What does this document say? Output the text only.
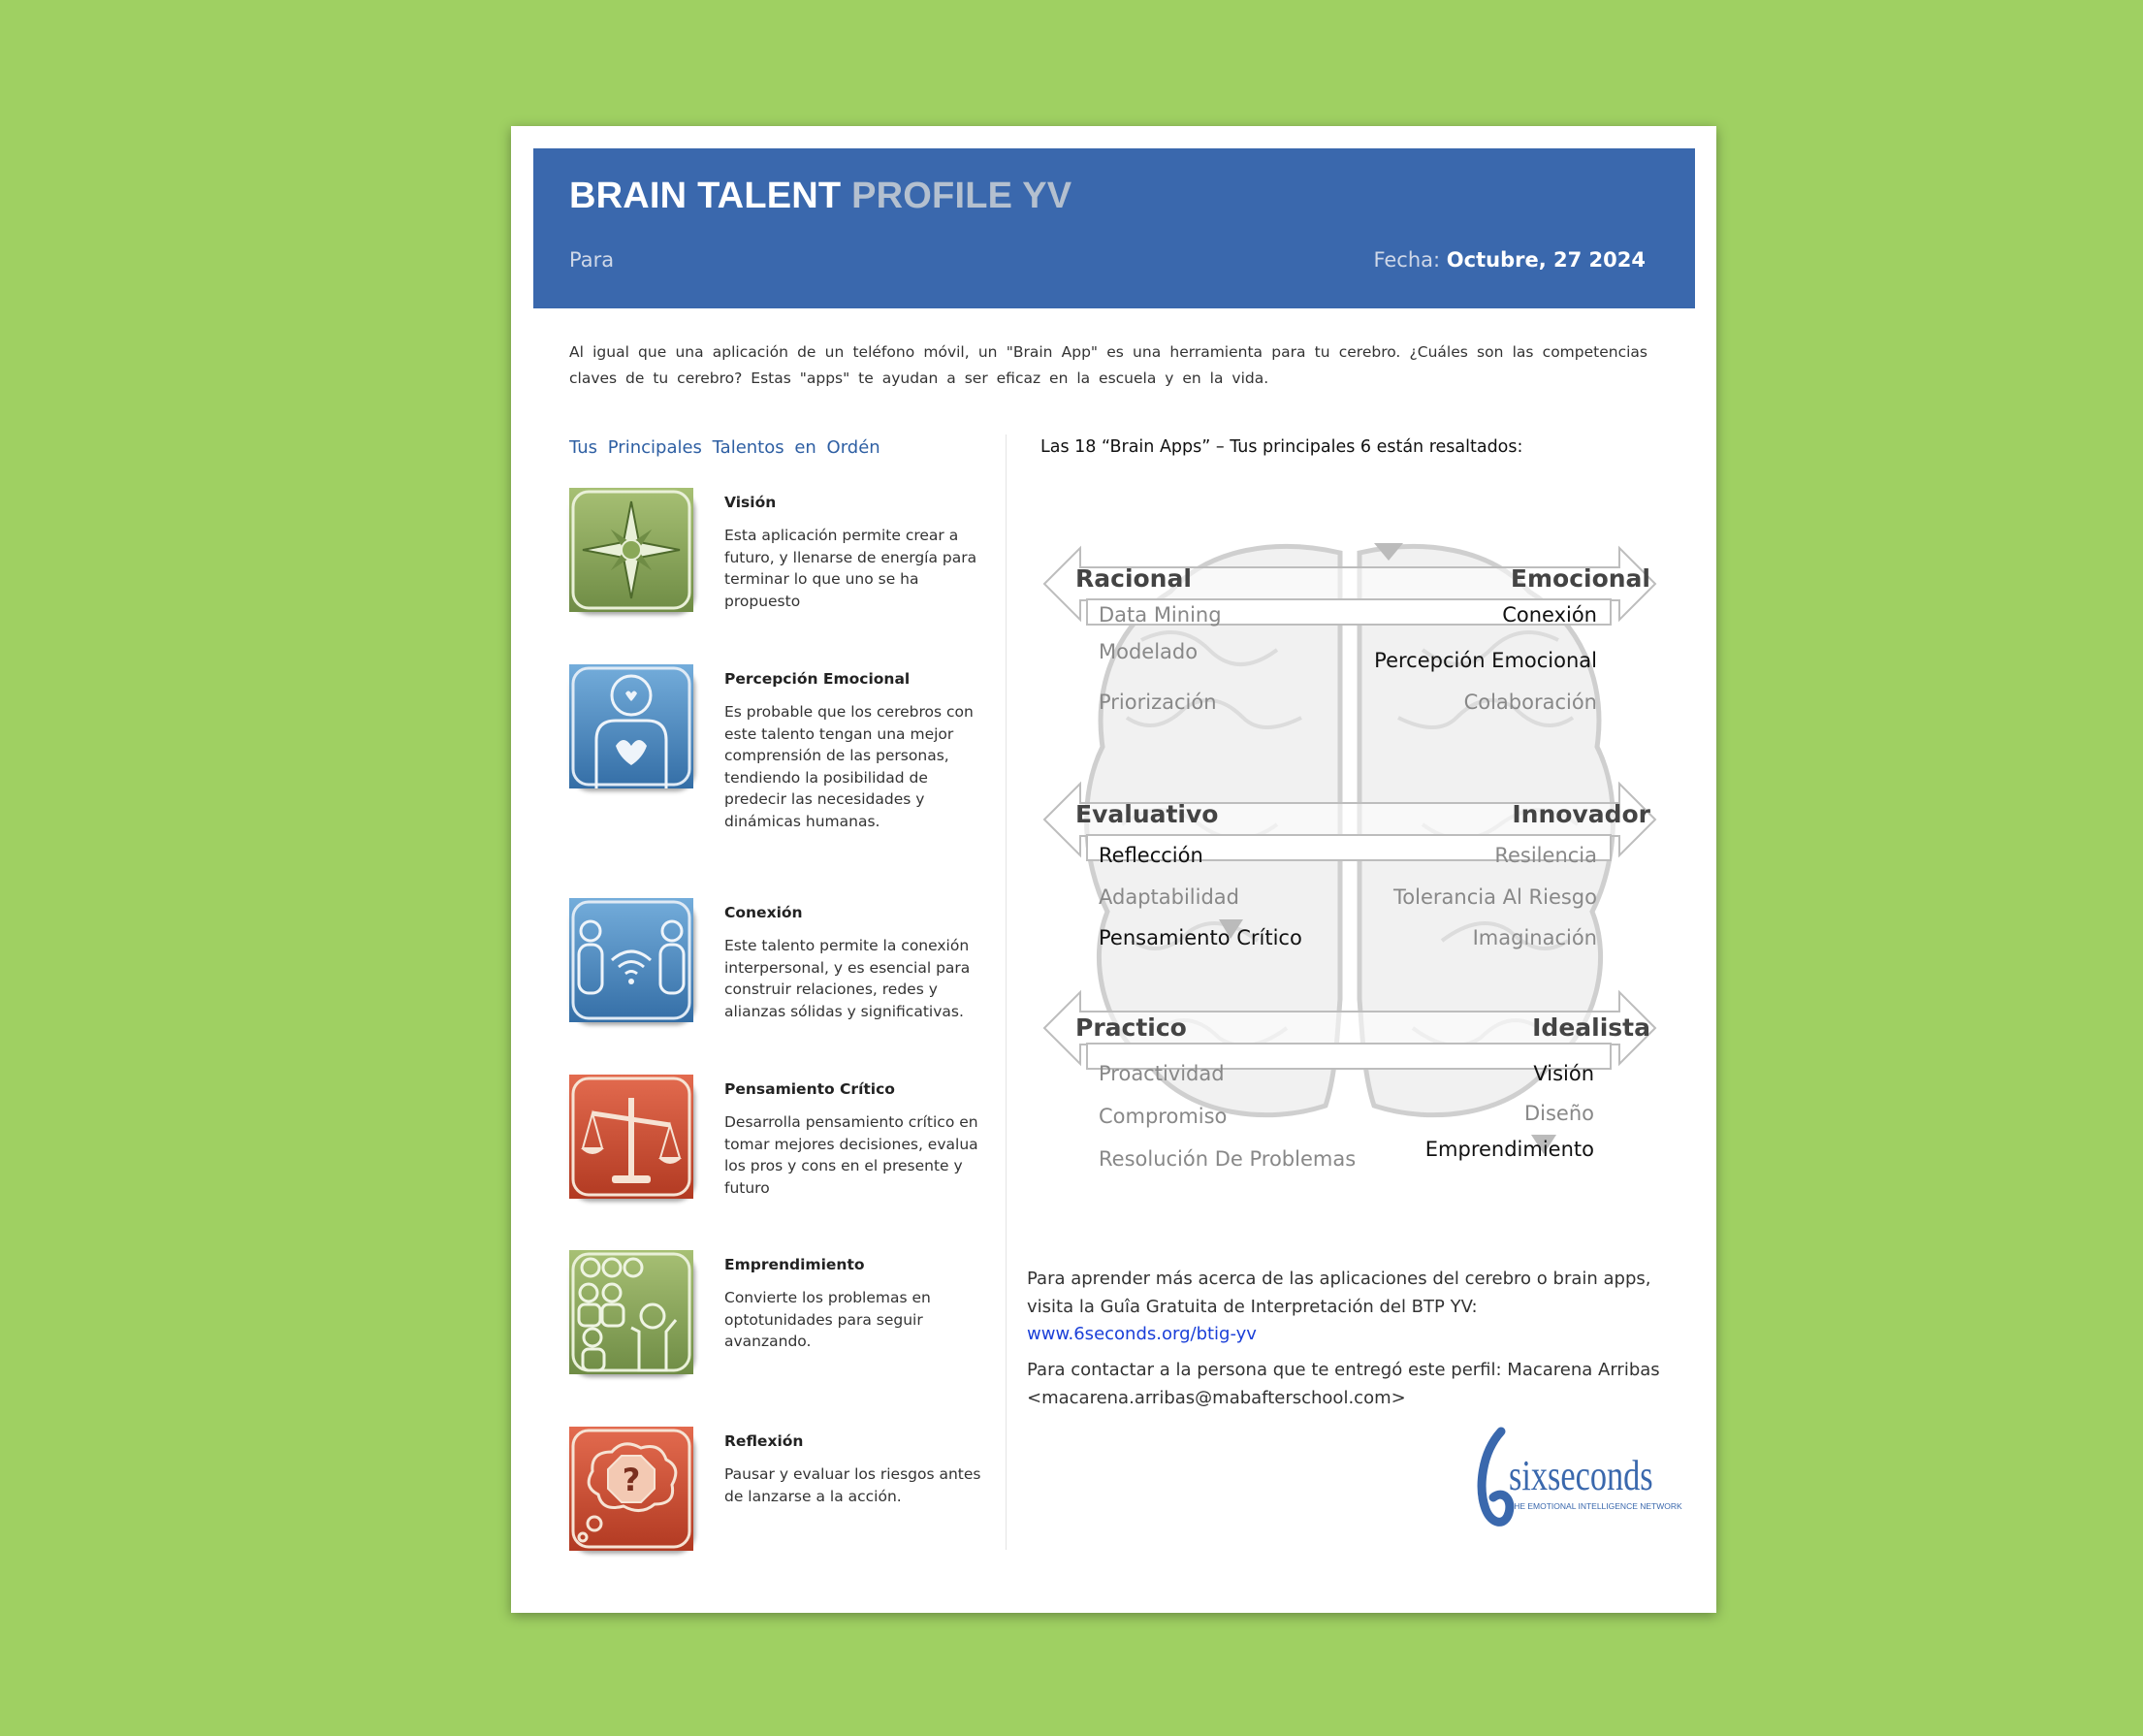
BRAIN TALENT PROFILE YV
Para	Fecha: Octubre, 27 2024
Al igual que una aplicación de un teléfono móvil, un "Brain App" es una herramienta para tu cerebro. ¿Cuáles son las competencias claves de tu cerebro? Estas "apps" te ayudan a ser eficaz en la escuela y en la vida.
Tus Principales Talentos en Ordén	Las 18 “Brain Apps” – Tus principales 6 están resaltados:
Visión
Esta aplicación permite crear a futuro, y llenarse de energía para terminar lo que uno se ha propuesto
Percepción Emocional
Es probable que los cerebros con este talento tengan una mejor comprensión de las personas, tendiendo la posibilidad de predecir las necesidades y dinámicas humanas.
Conexión
Este talento permite la conexión interpersonal, y es esencial para construir relaciones, redes y alianzas sólidas y significativas.
Pensamiento Crítico
Desarrolla pensamiento crítico en tomar mejores decisiones, evalua los pros y cons en el presente y futuro
Emprendimiento
Convierte los problemas en optotunidades para seguir avanzando.
?
Reflexión
Pausar y evaluar los riesgos antes de lanzarse a la acción.
Racional	Emocional
Data Mining
Modelado
Priorización
Conexión
Percepción Emocional
Colaboración
Evaluativo	Innovador
Reflección
Adaptabilidad
Pensamiento Crítico
Resilencia
Tolerancia Al Riesgo
Imaginación
Practico	Idealista
Proactividad
Compromiso
Resolución De Problemas
Visión
Diseño
Emprendimiento
Para aprender más acerca de las aplicaciones del cerebro o brain apps, visita la Guîa Gratuita de Interpretación del BTP YV:
www.6seconds.org/btig-yv
Para contactar a la persona que te entregó este perfil: Macarena Arribas <macarena.arribas@mabafterschool.com>
sixseconds
THE EMOTIONAL INTELLIGENCE NETWORK
